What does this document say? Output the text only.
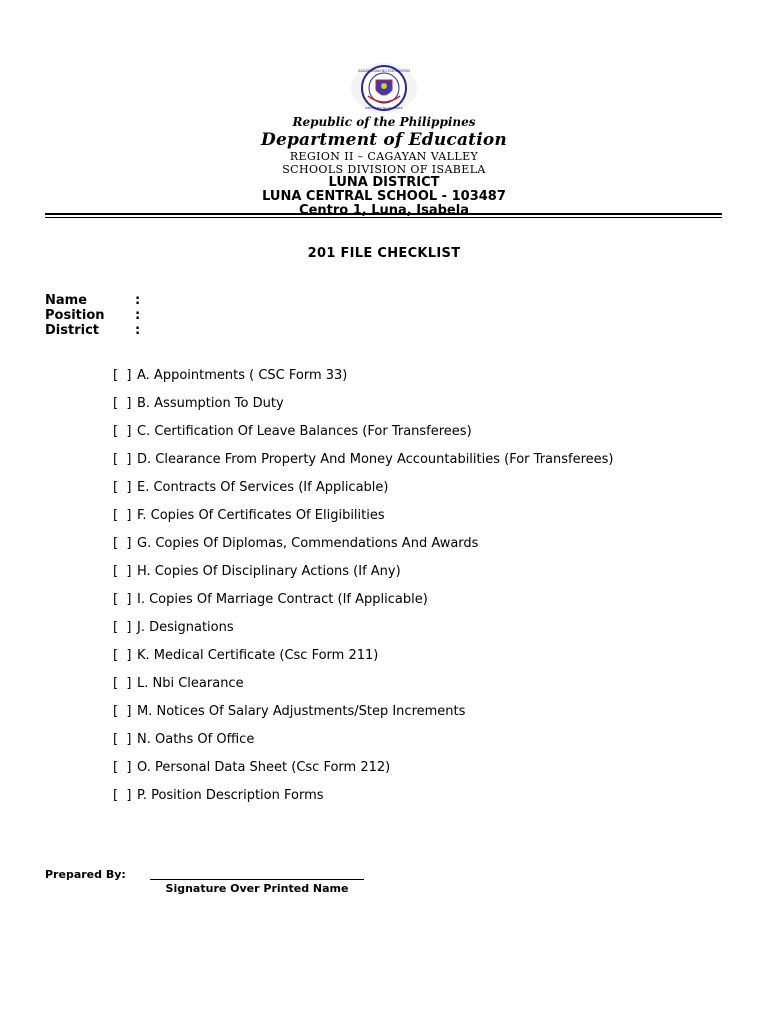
KAGAWARAN NG EDUKASYON
REPUBLIKA NG PILIPINAS
Republic of the Philippines
Department of Education
REGION II – CAGAYAN VALLEY
SCHOOLS DIVISION OF ISABELA
LUNA DISTRICT
LUNA CENTRAL SCHOOL - 103487
Centro 1, Luna, Isabela
201 FILE CHECKLIST
Name	:
Position	:
District	:
[  ] A. Appointments ( CSC Form 33)
[  ] B. Assumption To Duty
[  ] C. Certification Of Leave Balances (For Transferees)
[  ] D. Clearance From Property And Money Accountabilities (For Transferees)
[  ] E. Contracts Of Services (If Applicable)
[  ] F. Copies Of Certificates Of Eligibilities
[  ] G. Copies Of Diplomas, Commendations And Awards
[  ] H. Copies Of Disciplinary Actions (If Any)
[  ] I. Copies Of Marriage Contract (If Applicable)
[  ] J. Designations
[  ] K. Medical Certificate (Csc Form 211)
[  ] L. Nbi Clearance
[  ] M. Notices Of Salary Adjustments/Step Increments
[  ] N. Oaths Of Office
[  ] O. Personal Data Sheet (Csc Form 212)
[  ] P. Position Description Forms
Prepared By:
Signature Over Printed Name
